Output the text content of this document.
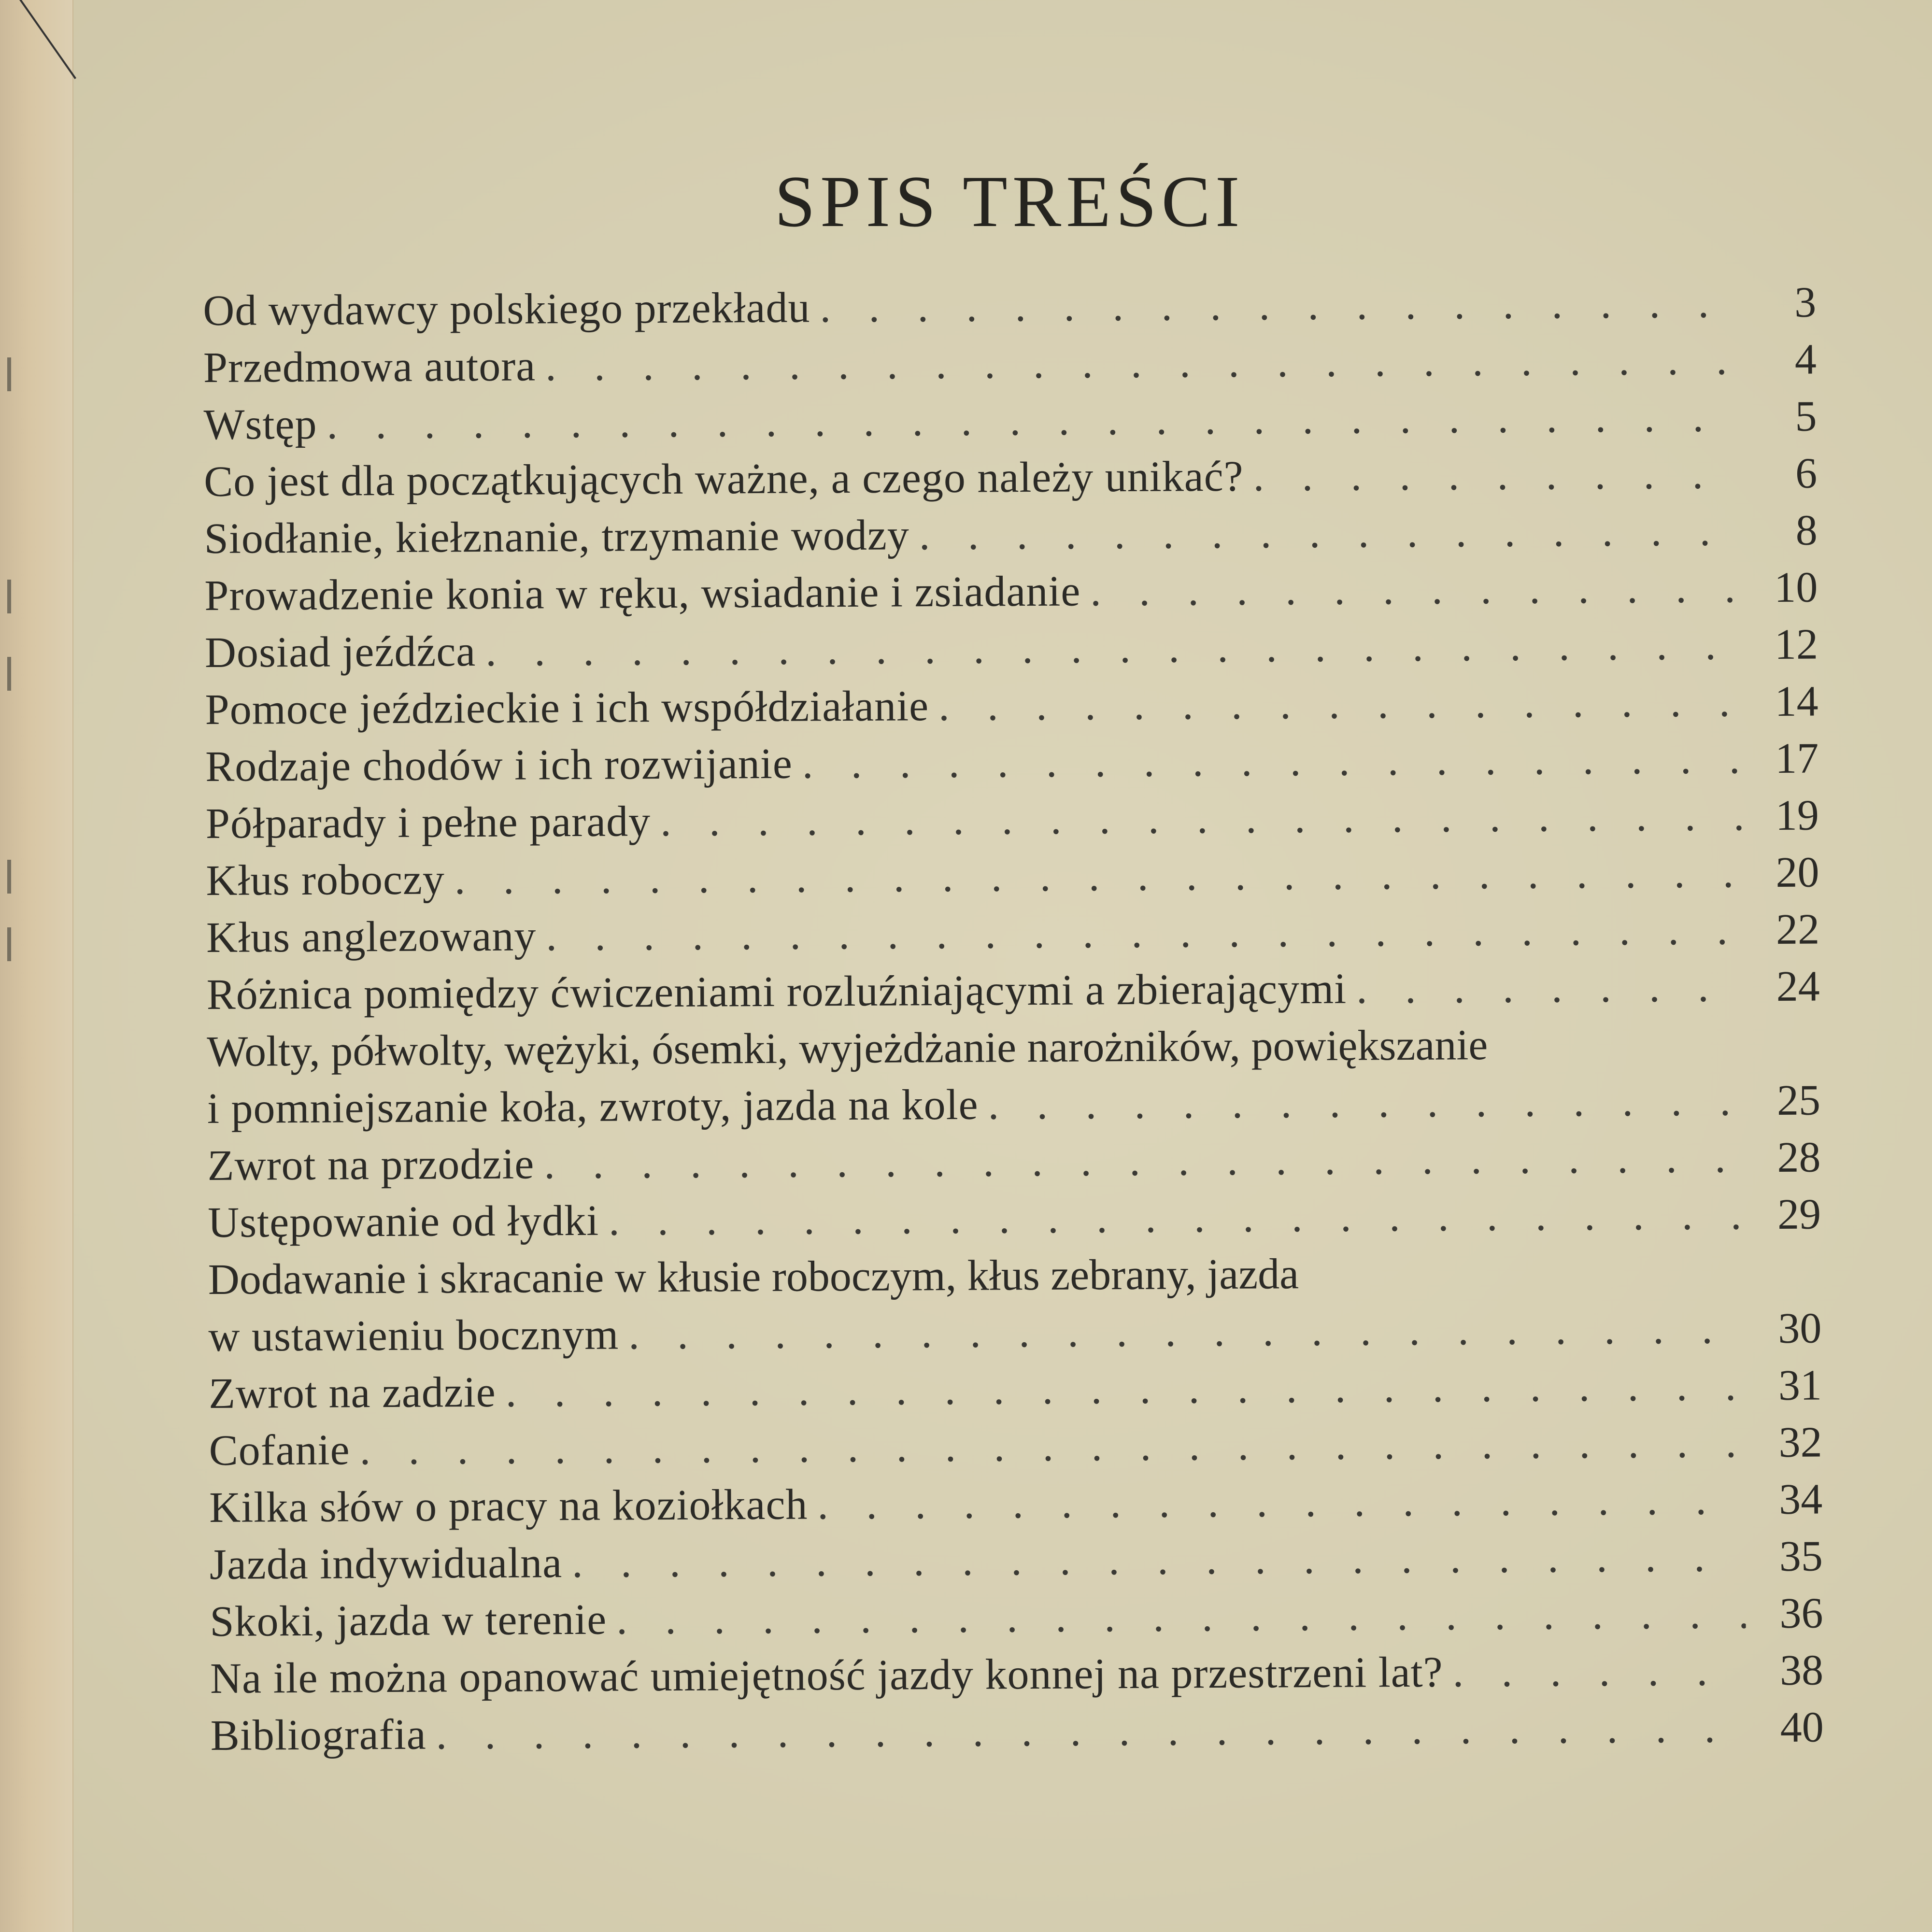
SPIS TREŚCI
Od wydawcy polskiego przekładu . . .	3
Przedmowa autora . . .	4
Wstęp . . .	5
Co jest dla początkujących ważne, a czego należy unikać? . . .	6
Siodłanie, kiełznanie, trzymanie wodzy . . .	8
Prowadzenie konia w ręku, wsiadanie i zsiadanie . . .	10
Dosiad jeźdźca . . .	12
Pomoce jeździeckie i ich współdziałanie . . .	14
Rodzaje chodów i ich rozwijanie . . .	17
Półparady i pełne parady . . .	19
Kłus roboczy . . .	20
Kłus anglezowany . . .	22
Różnica pomiędzy ćwiczeniami rozluźniającymi a zbierającymi . . .	24
Wolty, półwolty, wężyki, ósemki, wyjeżdżanie narożników, powiększanie
i pomniejszanie koła, zwroty, jazda na kole . . .	25
Zwrot na przodzie . . .	28
Ustępowanie od łydki . . .	29
Dodawanie i skracanie w kłusie roboczym, kłus zebrany, jazda
w ustawieniu bocznym . . .	30
Zwrot na zadzie . . .	31
Cofanie . . .	32
Kilka słów o pracy na koziołkach . . .	34
Jazda indywidualna . . .	35
Skoki, jazda w terenie . . .	36
Na ile można opanować umiejętność jazdy konnej na przestrzeni lat? . . .	38
Bibliografia . . .	40
